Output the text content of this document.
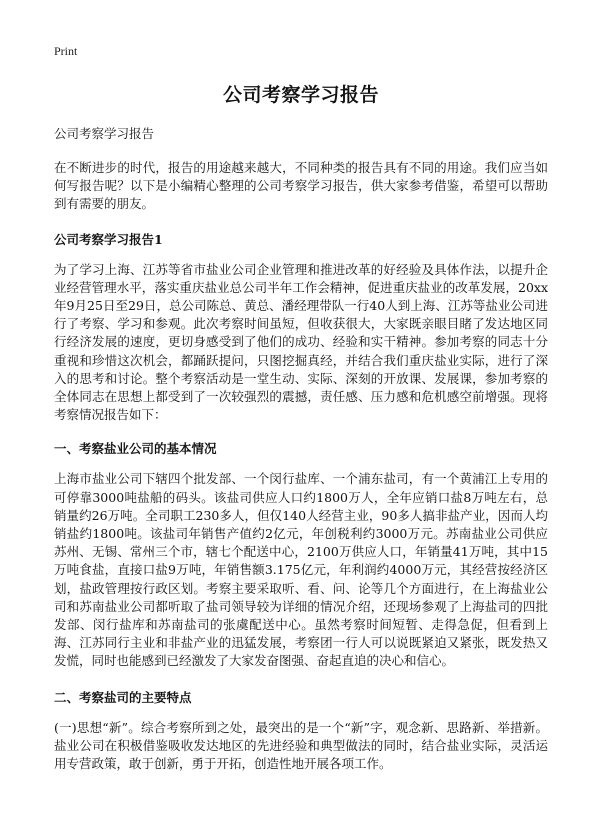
Print

公司考察学习报告

公司考察学习报告

在不断进步的时代，报告的用途越来越大，不同种类的报告具有不同的用途。我们应当如何写报告呢？以下是小编精心整理的公司考察学习报告，供大家参考借鉴，希望可以帮助到有需要的朋友。

公司考察学习报告1

为了学习上海、江苏等省市盐业公司企业管理和推进改革的好经验及具体作法，以提升企业经营管理水平，落实重庆盐业总公司半年工作会精神，促进重庆盐业的改革发展，20xx年9月25日至29日，总公司陈总、黄总、潘经理带队一行40人到上海、江苏等盐业公司进行了考察、学习和参观。此次考察时间虽短，但收获很大，大家既亲眼目睹了发达地区同行经济发展的速度，更切身感受到了他们的成功、经验和实干精神。参加考察的同志十分重视和珍惜这次机会，都踊跃提问，只图挖掘真经，并结合我们重庆盐业实际，进行了深入的思考和讨论。整个考察活动是一堂生动、实际、深刻的开放课、发展课，参加考察的全体同志在思想上都受到了一次较强烈的震撼，责任感、压力感和危机感空前增强。现将考察情况报告如下：

一、考察盐业公司的基本情况

上海市盐业公司下辖四个批发部、一个闵行盐库、一个浦东盐司，有一个黄浦江上专用的可停靠3000吨盐船的码头。该盐司供应人口约1800万人，全年应销口盐8万吨左右，总销量约26万吨。全司职工230多人，但仅140人经营主业，90多人搞非盐产业，因而人均销盐约1800吨。该盐司年销售产值约2亿元，年创税利约3000万元。苏南盐业公司供应苏州、无锡、常州三个市，辖七个配送中心，2100万供应人口，年销量41万吨，其中15万吨食盐，直接口盐9万吨，年销售额3.175亿元，年利润约4000万元，其经营按经济区划，盐政管理按行政区划。考察主要采取听、看、问、论等几个方面进行，在上海盐业公司和苏南盐业公司都听取了盐司领导较为详细的情况介绍，还现场参观了上海盐司的四批发部、闵行盐库和苏南盐司的张虞配送中心。虽然考察时间短暂、走得急促，但看到上海、江苏同行主业和非盐产业的迅猛发展，考察团一行人可以说既紧迫又紧张，既发热又发慌，同时也能感到已经激发了大家发奋图强、奋起直追的决心和信心。

二、考察盐司的主要特点

(一)思想“新”。综合考察所到之处，最突出的是一个“新”字，观念新、思路新、举措新。盐业公司在积极借鉴吸收发达地区的先进经验和典型做法的同时，结合盐业实际，灵活运用专营政策，敢于创新，勇于开拓，创造性地开展各项工作。
